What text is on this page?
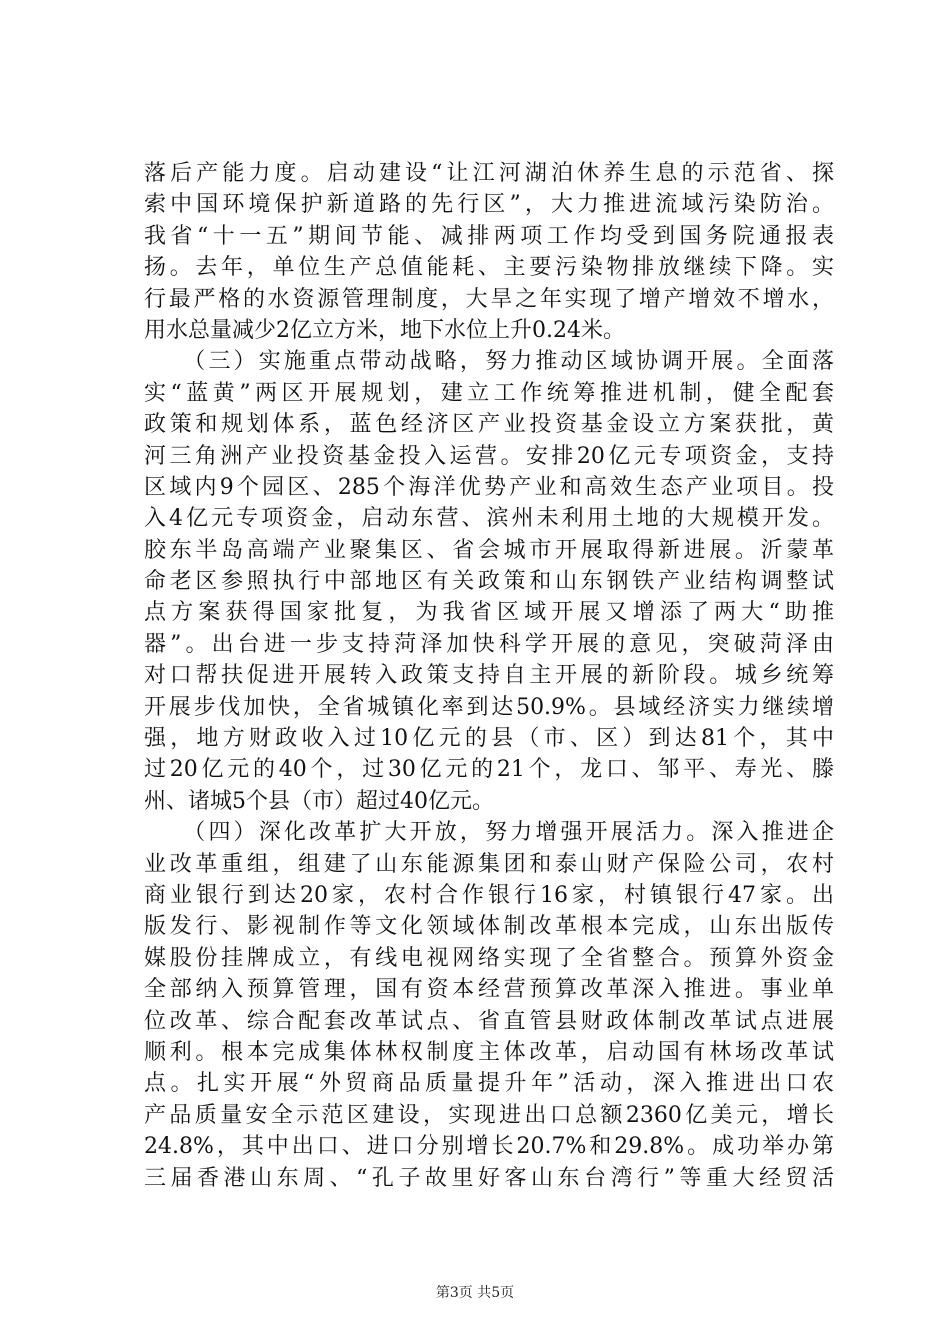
落后产能力度。启动建设“让江河湖泊休养生息的示范省、探
索中国环境保护新道路的先行区”，大力推进流域污染防治。
我省“十一五”期间节能、减排两项工作均受到国务院通报表
扬。去年，单位生产总值能耗、主要污染物排放继续下降。实
行最严格的水资源管理制度，大旱之年实现了增产增效不增水，
用水总量减少2亿立方米，地下水位上升0.24米。
　　（三）实施重点带动战略，努力推动区域协调开展。全面落
实“蓝黄”两区开展规划，建立工作统筹推进机制，健全配套
政策和规划体系，蓝色经济区产业投资基金设立方案获批，黄
河三角洲产业投资基金投入运营。安排20亿元专项资金，支持
区域内9个园区、285个海洋优势产业和高效生态产业项目。投
入4亿元专项资金，启动东营、滨州未利用土地的大规模开发。
胶东半岛高端产业聚集区、省会城市开展取得新进展。沂蒙革
命老区参照执行中部地区有关政策和山东钢铁产业结构调整试
点方案获得国家批复，为我省区域开展又增添了两大“助推
器”。出台进一步支持菏泽加快科学开展的意见，突破菏泽由
对口帮扶促进开展转入政策支持自主开展的新阶段。城乡统筹
开展步伐加快，全省城镇化率到达50.9%。县域经济实力继续增
强，地方财政收入过10亿元的县（市、区）到达81个，其中
过20亿元的40个，过30亿元的21个，龙口、邹平、寿光、滕
州、诸城5个县（市）超过40亿元。
　　（四）深化改革扩大开放，努力增强开展活力。深入推进企
业改革重组，组建了山东能源集团和泰山财产保险公司，农村
商业银行到达20家，农村合作银行16家，村镇银行47家。出
版发行、影视制作等文化领域体制改革根本完成，山东出版传
媒股份挂牌成立，有线电视网络实现了全省整合。预算外资金
全部纳入预算管理，国有资本经营预算改革深入推进。事业单
位改革、综合配套改革试点、省直管县财政体制改革试点进展
顺利。根本完成集体林权制度主体改革，启动国有林场改革试
点。扎实开展“外贸商品质量提升年”活动，深入推进出口农
产品质量安全示范区建设，实现进出口总额2360亿美元，增长
24.8%，其中出口、进口分别增长20.7%和29.8%。成功举办第
三届香港山东周、“孔子故里好客山东台湾行”等重大经贸活
第3页 共5页
